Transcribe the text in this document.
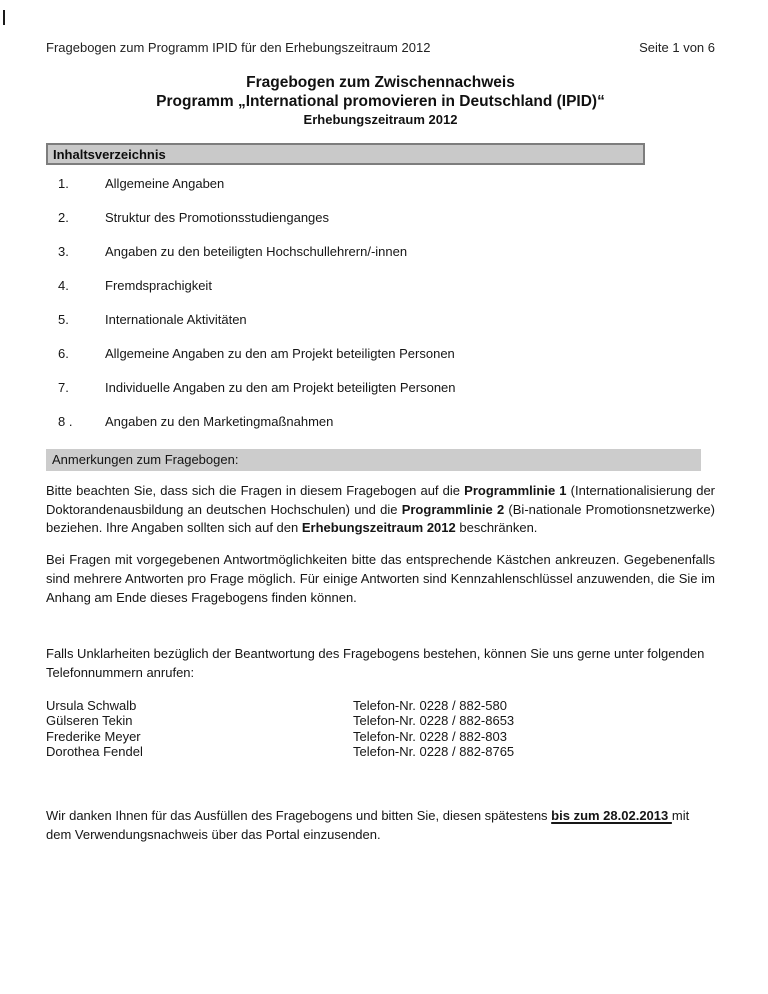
Fragebogen zum Programm IPID für den Erhebungszeitraum 2012	Seite 1 von 6
Fragebogen zum Zwischennachweis
Programm „International promovieren in Deutschland (IPID)“
Erhebungszeitraum 2012
Inhaltsverzeichnis
1.	Allgemeine Angaben
2.	Struktur des Promotionsstudienganges
3.	Angaben zu den beteiligten Hochschullehrern/-innen
4.	Fremdsprachigkeit
5.	Internationale Aktivitäten
6.	Allgemeine Angaben zu den am Projekt beteiligten Personen
7.	Individuelle Angaben zu den am Projekt beteiligten Personen
8 .	Angaben zu den Marketingmaßnahmen
Anmerkungen zum Fragebogen:

Bitte beachten Sie, dass sich die Fragen in diesem Fragebogen auf die Programmlinie 1 (Internationalisierung der Doktorandenausbildung an deutschen Hochschulen) und die Programmlinie 2 (Bi-nationale Promotionsnetzwerke) beziehen. Ihre Angaben sollten sich auf den Erhebungszeitraum 2012 beschränken.

Bei Fragen mit vorgegebenen Antwortmöglichkeiten bitte das entsprechende Kästchen ankreuzen. Gegebenenfalls sind mehrere Antworten pro Frage möglich. Für einige Antworten sind Kennzahlenschlüssel anzuwenden, die Sie im Anhang am Ende dieses Fragebogens finden können.

Falls Unklarheiten bezüglich der Beantwortung des Fragebogens bestehen, können Sie uns gerne unter folgenden Telefonnummern anrufen:

Ursula Schwalb	Telefon-Nr. 0228 / 882-580
Gülseren Tekin	Telefon-Nr. 0228 / 882-8653
Frederike Meyer	Telefon-Nr. 0228 / 882-803
Dorothea Fendel	Telefon-Nr. 0228 / 882-8765

Wir danken Ihnen für das Ausfüllen des Fragebogens und bitten Sie, diesen spätestens bis zum 28.02.2013 mit dem Verwendungsnachweis über das Portal einzusenden.
